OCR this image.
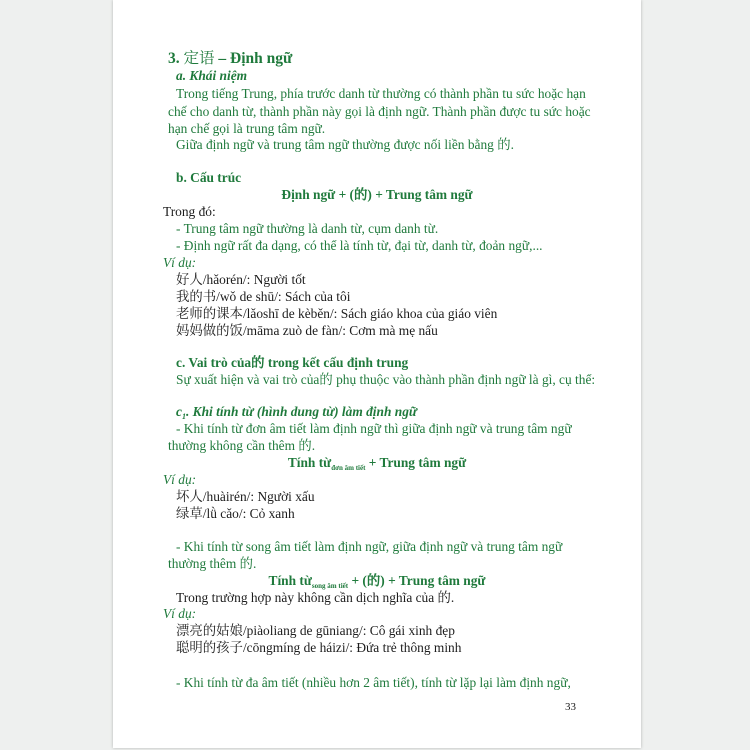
3. 定语 – Định ngữ
a. Khái niệm
Trong tiếng Trung, phía trước danh từ thường có thành phần tu sức hoặc hạn
chế cho danh từ, thành phần này gọi là định ngữ. Thành phần được tu sức hoặc
hạn chế gọi là trung tâm ngữ.
Giữa định ngữ và trung tâm ngữ thường được nối liền bằng 的.
b. Cấu trúc
Định ngữ + (的) + Trung tâm ngữ
Trong đó:
- Trung tâm ngữ thường là danh từ, cụm danh từ.
- Định ngữ rất đa dạng, có thể là tính từ, đại từ, danh từ, đoản ngữ,...
Ví dụ:
好人/hǎorén/: Người tốt
我的书/wǒ de shū/: Sách của tôi
老师的课本/lǎoshī de kèběn/: Sách giáo khoa của giáo viên
妈妈做的饭/māma zuò de fàn/: Cơm mà mẹ nấu
c. Vai trò của的 trong kết cấu định trung
Sự xuất hiện và vai trò của的 phụ thuộc vào thành phần định ngữ là gì, cụ thể:
$c_1$. Khi tính từ (hình dung từ) làm định ngữ
- Khi tính từ đơn âm tiết làm định ngữ thì giữa định ngữ và trung tâm ngữ
thường không cần thêm 的.
Tính từ$_{đơn âm tiết}$ + Trung tâm ngữ
Ví dụ:
坏人/huàirén/: Người xấu
绿草/lǜ cǎo/: Cỏ xanh
- Khi tính từ song âm tiết làm định ngữ, giữa định ngữ và trung tâm ngữ
thường thêm 的.
Tính từ$_{song âm tiết}$ + (的) + Trung tâm ngữ
Trong trường hợp này không cần dịch nghĩa của 的.
Ví dụ:
漂亮的姑娘/piàoliang de gūniang/: Cô gái xinh đẹp
聪明的孩子/cōngmíng de háizi/: Đứa trẻ thông minh
- Khi tính từ đa âm tiết (nhiều hơn 2 âm tiết), tính từ lặp lại làm định ngữ,
33
